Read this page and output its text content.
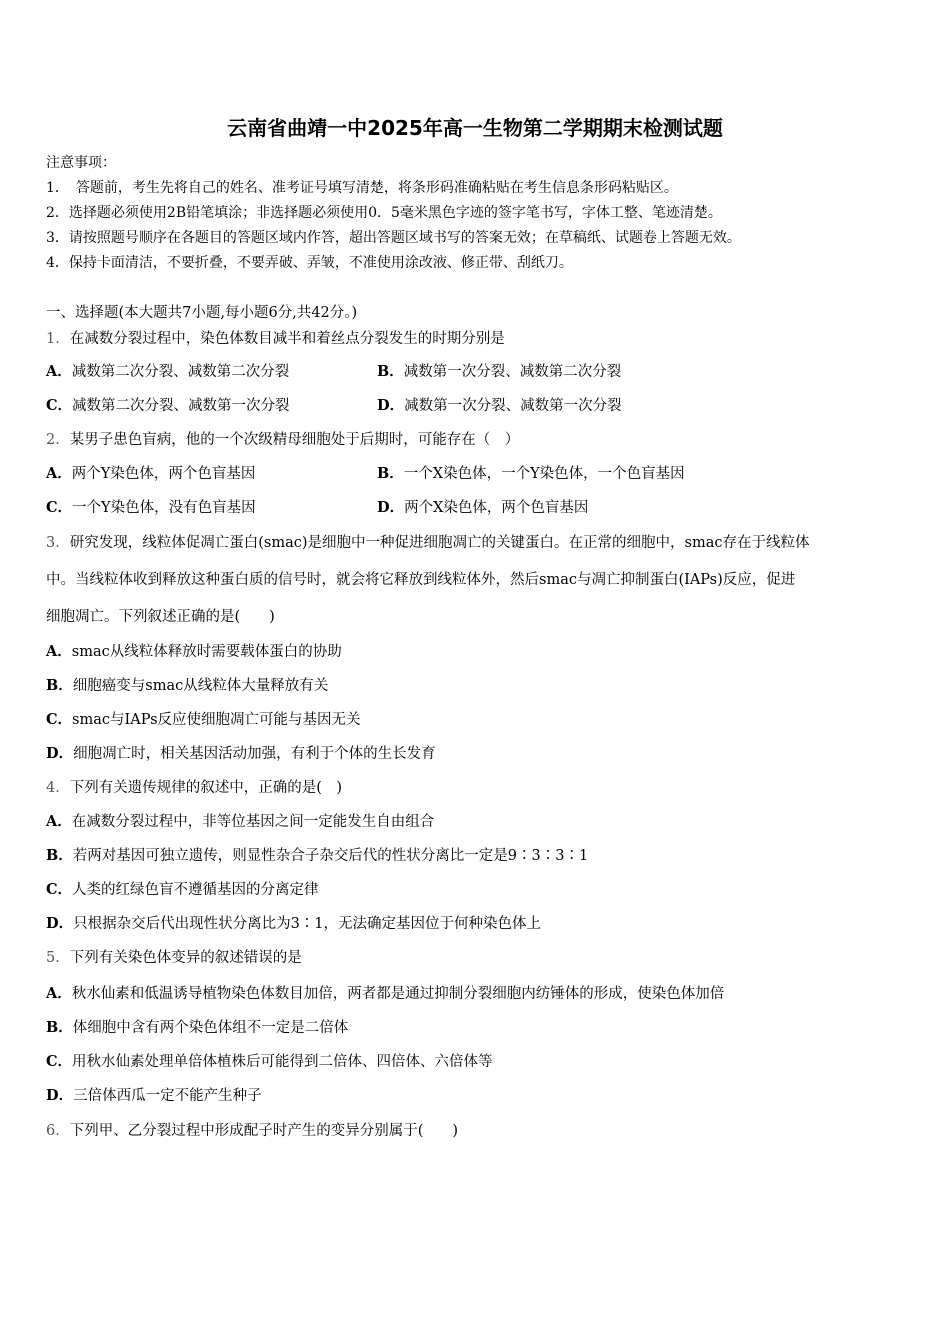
云南省曲靖一中2025年高一生物第二学期期末检测试题
注意事项：
1．　答题前，考生先将自己的姓名、准考证号填写清楚，将条形码准确粘贴在考生信息条形码粘贴区。
2．选择题必须使用2B铅笔填涂；非选择题必须使用0．5毫米黑色字迹的签字笔书写，字体工整、笔迹清楚。
3．请按照题号顺序在各题目的答题区域内作答，超出答题区域书写的答案无效；在草稿纸、试题卷上答题无效。
4．保持卡面清洁，不要折叠，不要弄破、弄皱，不准使用涂改液、修正带、刮纸刀。
一、选择题(本大题共7小题,每小题6分,共42分。)
1．在减数分裂过程中，染色体数目减半和着丝点分裂发生的时期分别是
A．减数第二次分裂、减数第二次分裂	B．减数第一次分裂、减数第二次分裂
C．减数第二次分裂、减数第一次分裂	D．减数第一次分裂、减数第一次分裂
2．某男子患色盲病，他的一个次级精母细胞处于后期时，可能存在（　）
A．两个Y染色体，两个色盲基因	B．一个X染色体，一个Y染色体，一个色盲基因
C．一个Y染色体，没有色盲基因	D．两个X染色体，两个色盲基因
3．研究发现，线粒体促凋亡蛋白(smac)是细胞中一种促进细胞凋亡的关键蛋白。在正常的细胞中，smac存在于线粒体
中。当线粒体收到释放这种蛋白质的信号时，就会将它释放到线粒体外，然后smac与凋亡抑制蛋白(IAPs)反应，促进
细胞凋亡。下列叙述正确的是(　　)
A．smac从线粒体释放时需要载体蛋白的协助
B．细胞癌变与smac从线粒体大量释放有关
C．smac与IAPs反应使细胞凋亡可能与基因无关
D．细胞凋亡时，相关基因活动加强，有利于个体的生长发育
4．下列有关遗传规律的叙述中，正确的是(　)
A．在减数分裂过程中，非等位基因之间一定能发生自由组合
B．若两对基因可独立遗传，则显性杂合子杂交后代的性状分离比一定是9∶3∶3∶1
C．人类的红绿色盲不遵循基因的分离定律
D．只根据杂交后代出现性状分离比为3∶1，无法确定基因位于何种染色体上
5．下列有关染色体变异的叙述错误的是
A．秋水仙素和低温诱导植物染色体数目加倍，两者都是通过抑制分裂细胞内纺锤体的形成，使染色体加倍
B．体细胞中含有两个染色体组不一定是二倍体
C．用秋水仙素处理单倍体植株后可能得到二倍体、四倍体、六倍体等
D．三倍体西瓜一定不能产生种子
6．下列甲、乙分裂过程中形成配子时产生的变异分别属于(　　)
